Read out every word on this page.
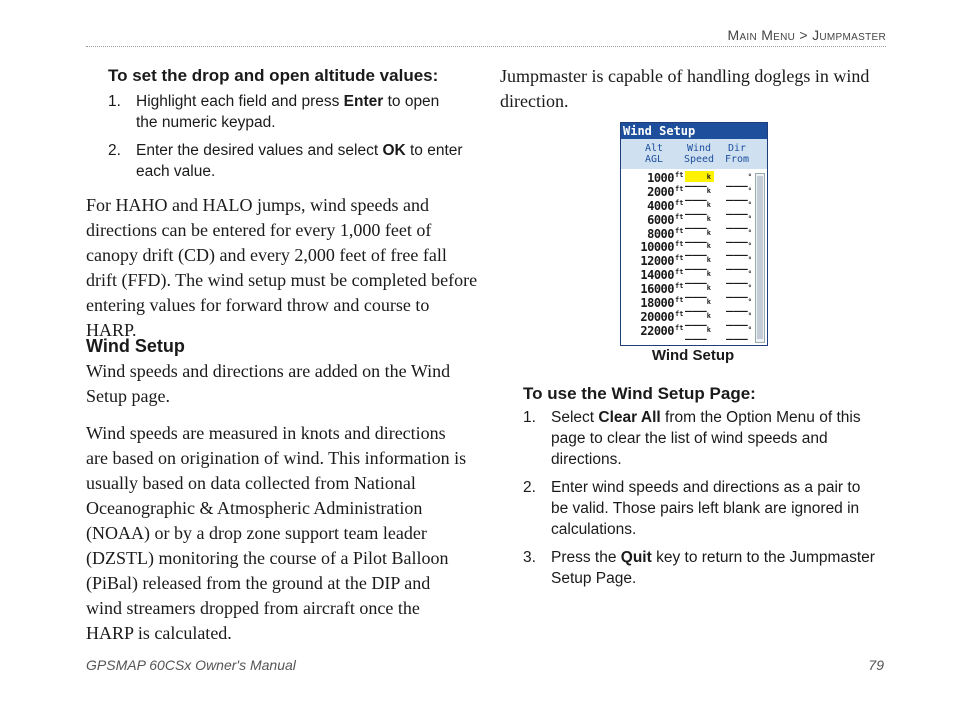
Main Menu > Jumpmaster
To set the drop and open altitude values:
1. Highlight each field and press Enter to open the numeric keypad.
2. Enter the desired values and select OK to enter each value.

For HAHO and HALO jumps, wind speeds and directions can be entered for every 1,000 feet of canopy drift (CD) and every 2,000 feet of free fall drift (FFD). The wind setup must be completed before entering values for forward throw and course to HARP.

Wind Setup

Wind speeds and directions are added on the Wind Setup page.

Wind speeds are measured in knots and directions are based on origination of wind. This information is usually based on data collected from National Oceanographic & Atmospheric Administration (NOAA) or by a drop zone support team leader (DZSTL) monitoring the course of a Pilot Balloon (PiBal) released from the ground at the DIP and wind streamers dropped from aircraft once the HARP is calculated.

Jumpmaster is capable of handling doglegs in wind direction.

Wind Setup
Alt
AGL
Wind
Speed
Dir
From
1000 ft ___$^k$ ___°
2000 ft ___$^k$ ___°
4000 ft ___$^k$ ___°
6000 ft ___$^k$ ___°
8000 ft ___$^k$ ___°
10000 ft ___$^k$ ___°
12000 ft ___$^k$ ___°
14000 ft ___$^k$ ___°
16000 ft ___$^k$ ___°
18000 ft ___$^k$ ___°
20000 ft ___$^k$ ___°
22000 ft ___$^k$ ___°
Wind Setup
To use the Wind Setup Page:
1. Select Clear All from the Option Menu of this page to clear the list of wind speeds and directions.
2. Enter wind speeds and directions as a pair to be valid. Those pairs left blank are ignored in calculations.
3. Press the Quit key to return to the Jumpmaster Setup Page.
GPSMAP 60CSx Owner's Manual	79
